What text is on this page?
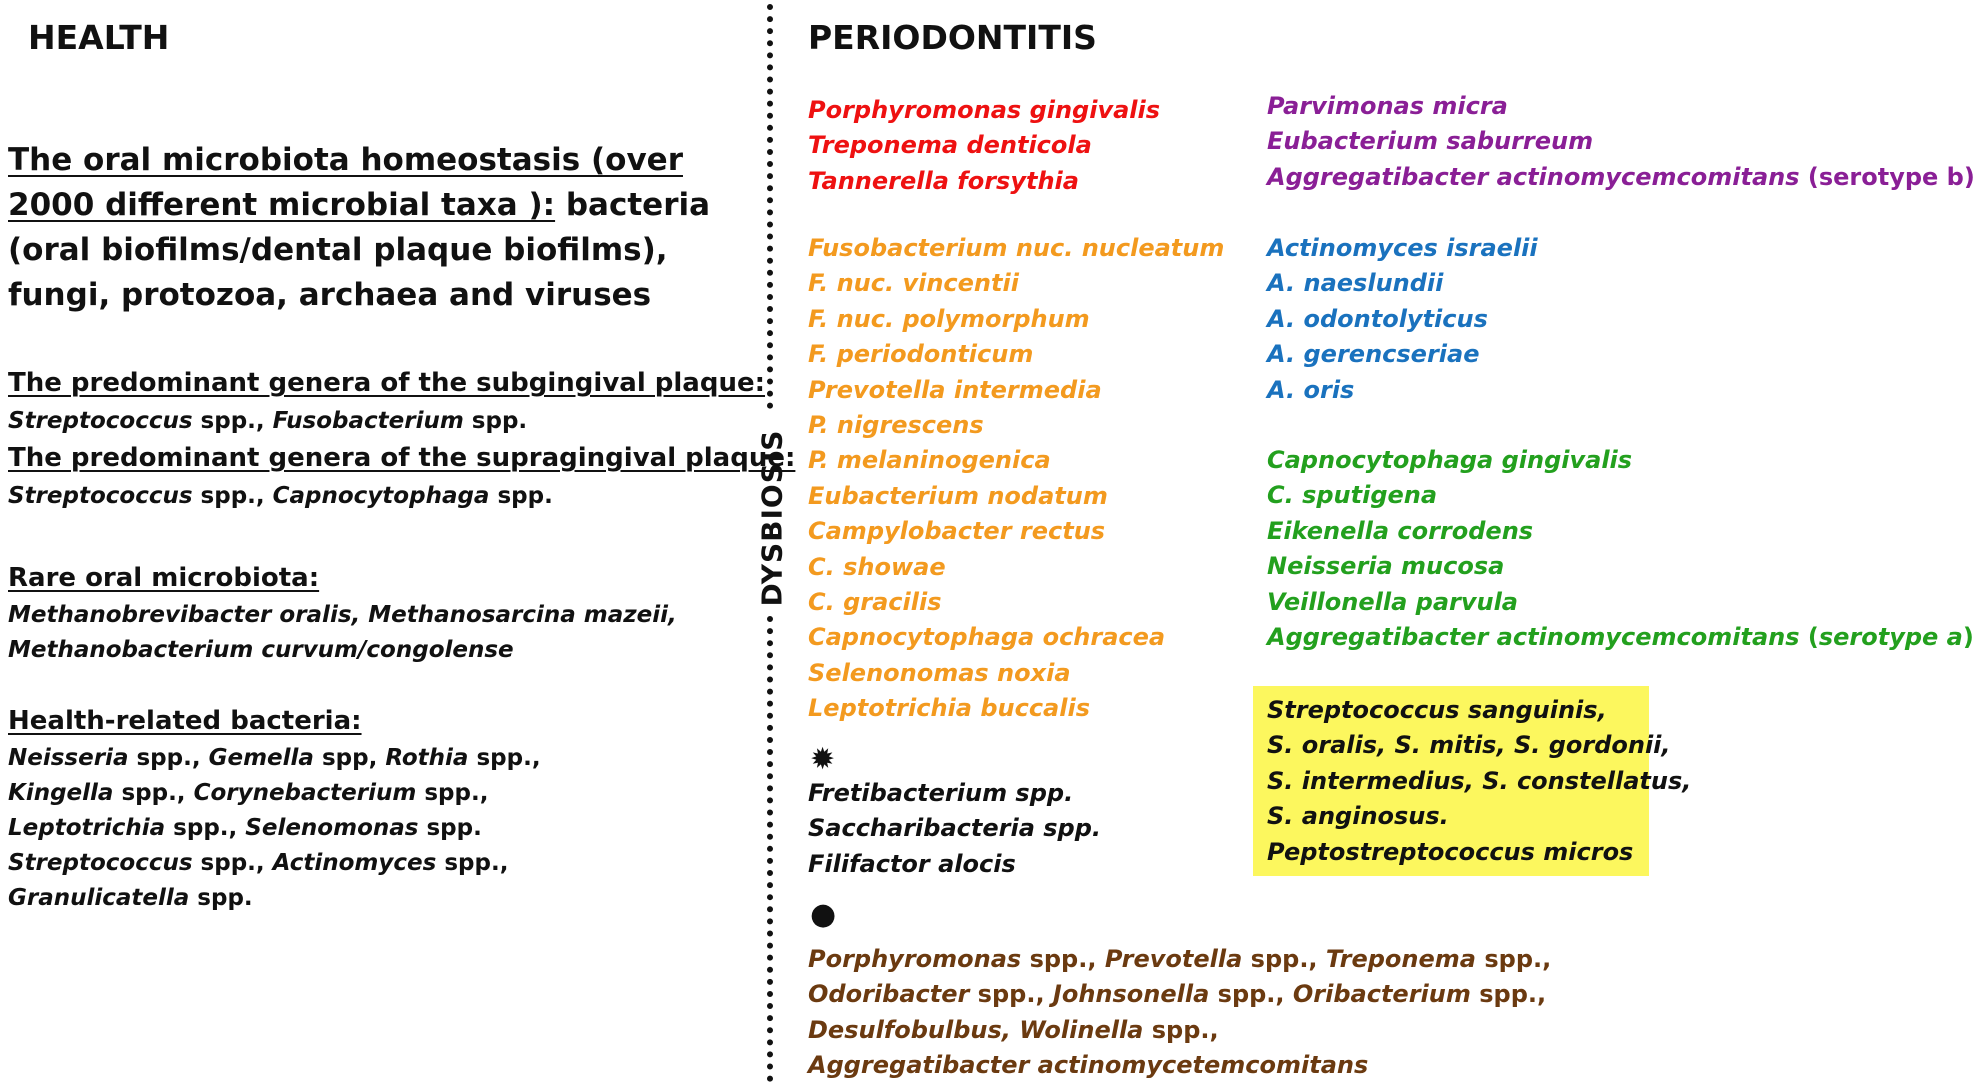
HEALTH
The oral microbiota homeostasis (over
2000 different microbial taxa ): bacteria
(oral biofilms/dental plaque biofilms),
fungi, protozoa, archaea and viruses
The predominant genera of the subgingival plaque:
Streptococcus spp., Fusobacterium spp.
The predominant genera of the supragingival plaque:
Streptococcus spp., Capnocytophaga spp.
Rare oral microbiota:
Methanobrevibacter oralis, Methanosarcina mazeii,
Methanobacterium curvum/congolense
Health-related bacteria:
Neisseria spp., Gemella spp, Rothia spp.,
Kingella spp., Corynebacterium spp.,
Leptotrichia spp., Selenomonas spp.
Streptococcus spp., Actinomyces spp.,
Granulicatella spp.
DYSBIOSIS
PERIODONTITIS
Porphyromonas gingivalis
Treponema denticola
Tannerella forsythia
Fusobacterium nuc. nucleatum
F. nuc. vincentii
F. nuc. polymorphum
F. periodonticum
Prevotella intermedia
P. nigrescens
P. melaninogenica
Eubacterium nodatum
Campylobacter rectus
C. showae
C. gracilis
Capnocytophaga ochracea
Selenonomas noxia
Leptotrichia buccalis
✹
Fretibacterium spp.
Saccharibacteria spp.
Filifactor alocis
●
Porphyromonas spp., Prevotella spp., Treponema spp.,
Odoribacter spp., Johnsonella spp., Oribacterium spp.,
Desulfobulbus, Wolinella spp.,
Aggregatibacter actinomycetemcomitans
Parvimonas micra
Eubacterium saburreum
Aggregatibacter actinomycemcomitans (serotype b)
Actinomyces israelii
A. naeslundii
A. odontolyticus
A. gerencseriae
A. oris
Capnocytophaga gingivalis
C. sputigena
Eikenella corrodens
Neisseria mucosa
Veillonella parvula
Aggregatibacter actinomycemcomitans (serotype a)
Streptococcus sanguinis,
S. oralis, S. mitis, S. gordonii,
S. intermedius, S. constellatus,
S. anginosus.
Peptostreptococcus micros
